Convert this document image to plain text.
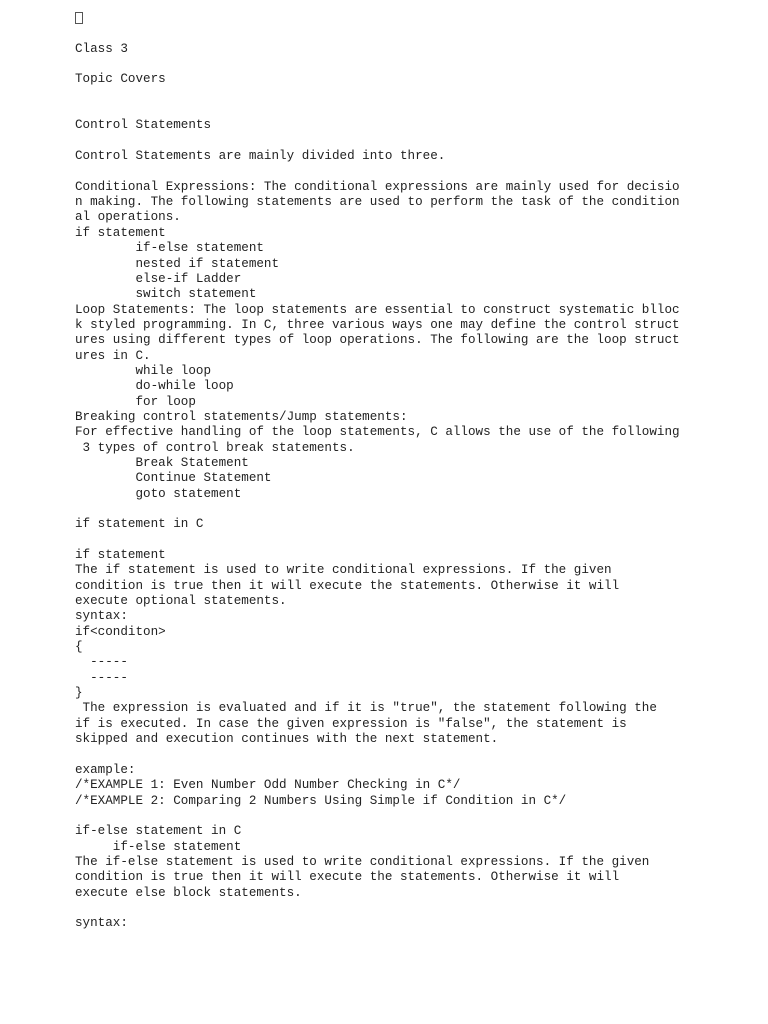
Class 3
Topic Covers
Control Statements
Control Statements are mainly divided into three.
Conditional Expressions: The conditional expressions are mainly used for decisio
n making. The following statements are used to perform the task of the condition
al operations.
if statement
if-else statement
nested if statement
else-if Ladder
switch statement
Loop Statements: The loop statements are essential to construct systematic blloc
k styled programming. In C, three various ways one may define the control struct
ures using different types of loop operations. The following are the loop struct
ures in C.
while loop
do-while loop
for loop
Breaking control statements/Jump statements:
For effective handling of the loop statements, C allows the use of the following
3 types of control break statements.
Break Statement
Continue Statement
goto statement
if statement in C
if statement
The if statement is used to write conditional expressions. If the given
condition is true then it will execute the statements. Otherwise it will
execute optional statements.
syntax:
if<conditon>
{
-----
-----
}
The expression is evaluated and if it is "true", the statement following the
if is executed. In case the given expression is "false", the statement is
skipped and execution continues with the next statement.
example:
/*EXAMPLE 1: Even Number Odd Number Checking in C*/
/*EXAMPLE 2: Comparing 2 Numbers Using Simple if Condition in C*/
if-else statement in C
if-else statement
The if-else statement is used to write conditional expressions. If the given
condition is true then it will execute the statements. Otherwise it will
execute else block statements.
syntax:
